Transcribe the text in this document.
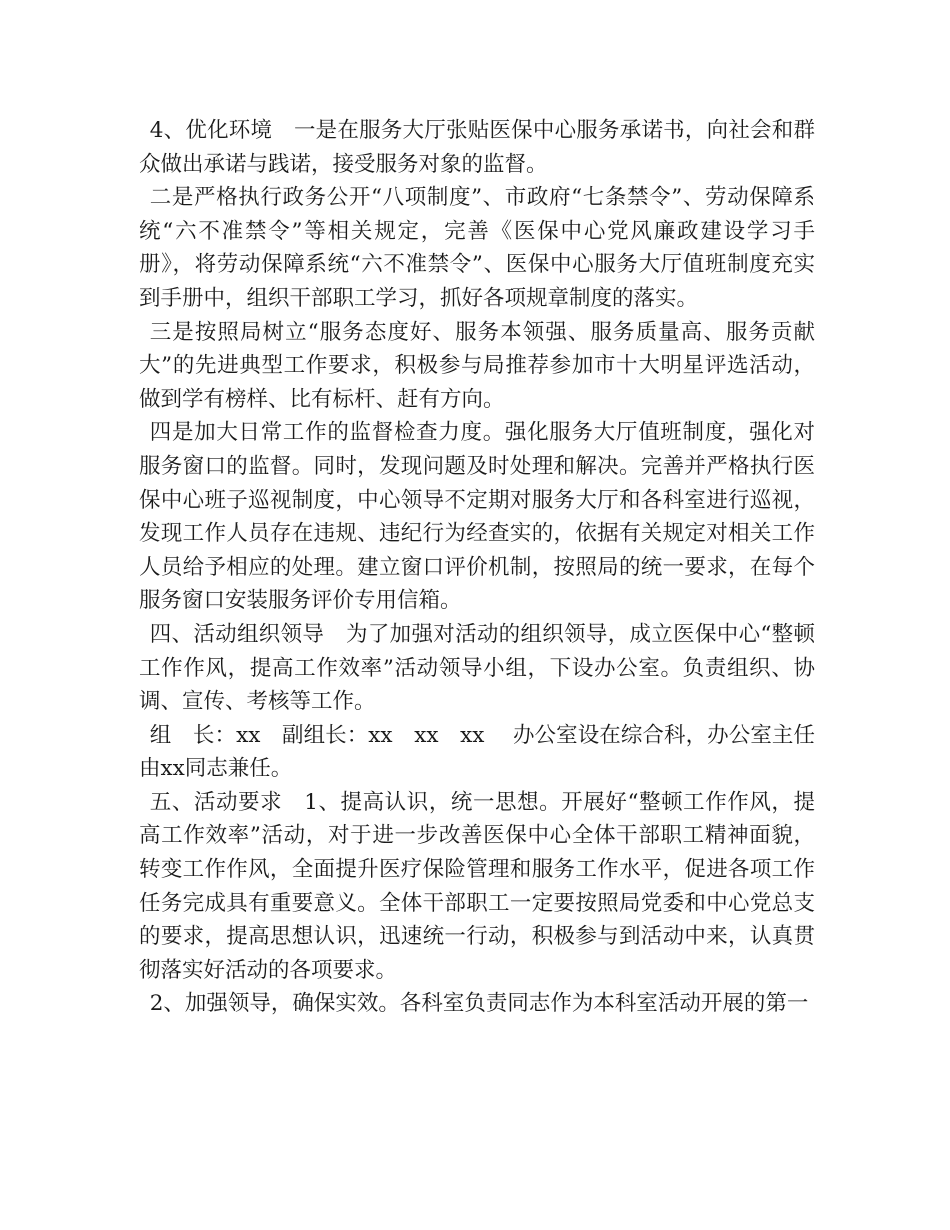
4、优化环境　一是在服务大厅张贴医保中心服务承诺书，向社会和群众做出承诺与践诺，接受服务对象的监督。

二是严格执行政务公开“八项制度”、市政府“七条禁令”、劳动保障系统“六不准禁令”等相关规定，完善《医保中心党风廉政建设学习手册》，将劳动保障系统“六不准禁令”、医保中心服务大厅值班制度充实到手册中，组织干部职工学习，抓好各项规章制度的落实。

三是按照局树立“服务态度好、服务本领强、服务质量高、服务贡献大”的先进典型工作要求，积极参与局推荐参加市十大明星评选活动，做到学有榜样、比有标杆、赶有方向。

四是加大日常工作的监督检查力度。强化服务大厅值班制度，强化对服务窗口的监督。同时，发现问题及时处理和解决。完善并严格执行医保中心班子巡视制度，中心领导不定期对服务大厅和各科室进行巡视，发现工作人员存在违规、违纪行为经查实的，依据有关规定对相关工作人员给予相应的处理。建立窗口评价机制，按照局的统一要求，在每个服务窗口安装服务评价专用信箱。

四、活动组织领导　为了加强对活动的组织领导，成立医保中心“整顿工作作风，提高工作效率”活动领导小组，下设办公室。负责组织、协调、宣传、考核等工作。

组　长：xx　副组长：xx　xx　xx　 办公室设在综合科，办公室主任由xx同志兼任。

五、活动要求　1、提高认识，统一思想。开展好“整顿工作作风，提高工作效率”活动，对于进一步改善医保中心全体干部职工精神面貌，转变工作作风，全面提升医疗保险管理和服务工作水平，促进各项工作任务完成具有重要意义。全体干部职工一定要按照局党委和中心党总支的要求，提高思想认识，迅速统一行动，积极参与到活动中来，认真贯彻落实好活动的各项要求。

2、加强领导，确保实效。各科室负责同志作为本科室活动开展的第一
